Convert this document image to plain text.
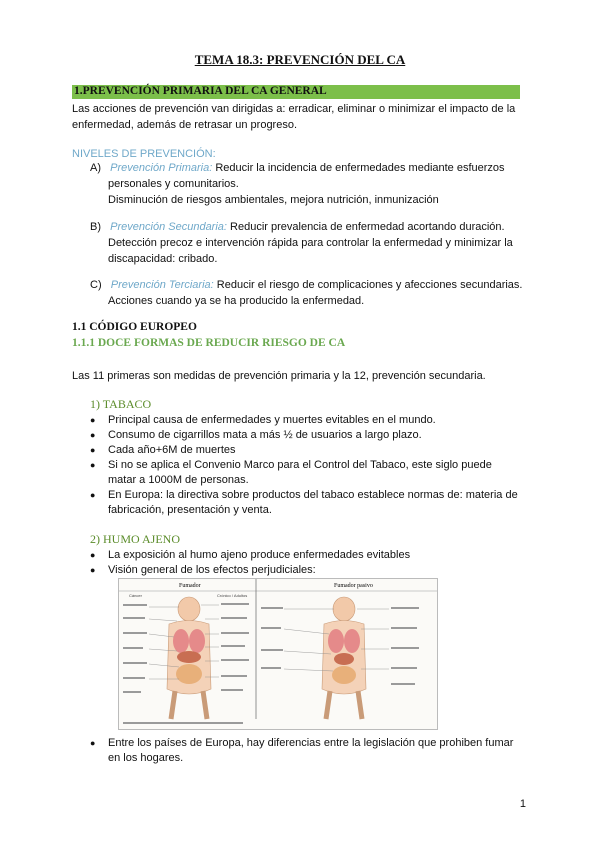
TEMA 18.3: PREVENCIÓN DEL CA
1.PREVENCIÓN PRIMARIA DEL CA GENERAL
Las acciones de prevención van dirigidas a: erradicar, eliminar o minimizar el impacto de la
enfermedad, además de retrasar un progreso.
NIVELES DE PREVENCIÓN:
A) Prevención Primaria: Reducir la incidencia de enfermedades mediante esfuerzos
personales y comunitarios.
Disminución de riesgos ambientales, mejora nutrición, inmunización
B) Prevención Secundaria: Reducir prevalencia de enfermedad acortando duración.
Detección precoz e intervención rápida para controlar la enfermedad y minimizar la
discapacidad: cribado.
C) Prevención Terciaria: Reducir el riesgo de complicaciones y afecciones secundarias.
Acciones cuando ya se ha producido la enfermedad.
1.1 CÓDIGO EUROPEO
1.1.1 DOCE FORMAS DE REDUCIR RIESGO DE CA
Las 11 primeras son medidas de prevención primaria y la 12, prevención secundaria.
1) TABACO
● Principal causa de enfermedades y muertes evitables en el mundo.
● Consumo de cigarrillos mata a más ½ de usuarios a largo plazo.
● Cada año+6M de muertes
● Si no se aplica el Convenio Marco para el Control del Tabaco, este siglo puede matar a 1000M de personas.
● En Europa: la directiva sobre productos del tabaco establece normas de: materia de fabricación, presentación y venta.
2) HUMO AJENO
● La exposición al humo ajeno produce enfermedades evitables
● Visión general de los efectos perjudiciales:
Fumador	Fumador pasivo
Cáncer	Crónico / Adultos
● Entre los países de Europa, hay diferencias entre la legislación que prohiben fumar en los hogares.
1
